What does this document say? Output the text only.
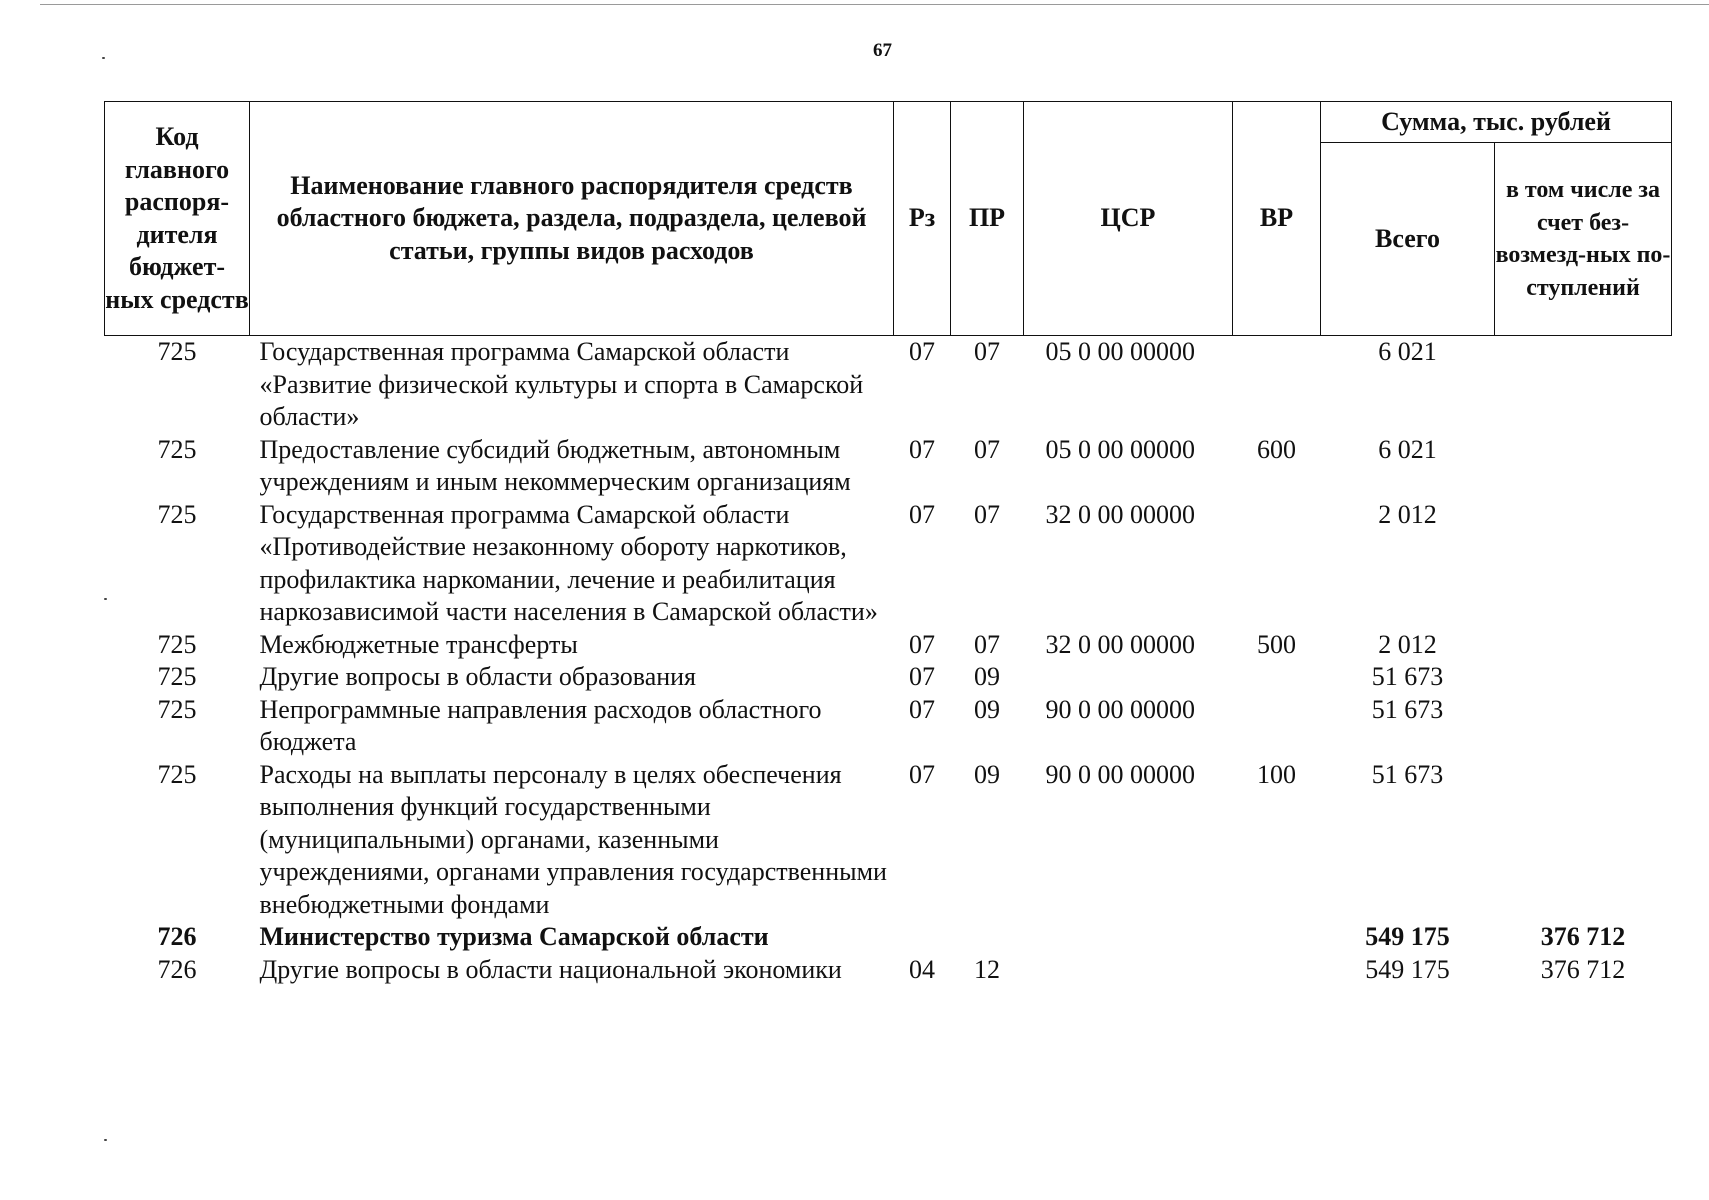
67
Код главного распоря-дителя бюджет-ных средств	Наименование главного распорядителя средств областного бюджета, раздела, подраздела, целевой статьи, группы видов расходов	Рз	ПР	ЦСР	ВР	Сумма, тыс. рублей	
						Всего	в том числе за счет без-возмезд-ных по-ступлений
725	Государственная программа Самарской области «Развитие физической культуры и спорта в Самарской области»	07	07	05 0 00 00000		6 021	
725	Предоставление субсидий бюджетным, автономным учреждениям и иным некоммерческим организациям	07	07	05 0 00 00000	600	6 021	
725	Государственная программа Самарской области «Противодействие незаконному обороту наркотиков, профилактика наркомании, лечение и реабилитация наркозависимой части населения в Самарской области»	07	07	32 0 00 00000		2 012	
725	Межбюджетные трансферты	07	07	32 0 00 00000	500	2 012	
725	Другие вопросы в области образования	07	09			51 673	
725	Непрограммные направления расходов областного бюджета	07	09	90 0 00 00000		51 673	
725	Расходы на выплаты персоналу в целях обеспечения выполнения функций государственными (муниципальными) органами, казенными учреждениями, органами управления государственными внебюджетными фондами	07	09	90 0 00 00000	100	51 673	
726	Министерство туризма Самарской области					549 175	376 712
726	Другие вопросы в области национальной экономики	04	12			549 175	376 712
